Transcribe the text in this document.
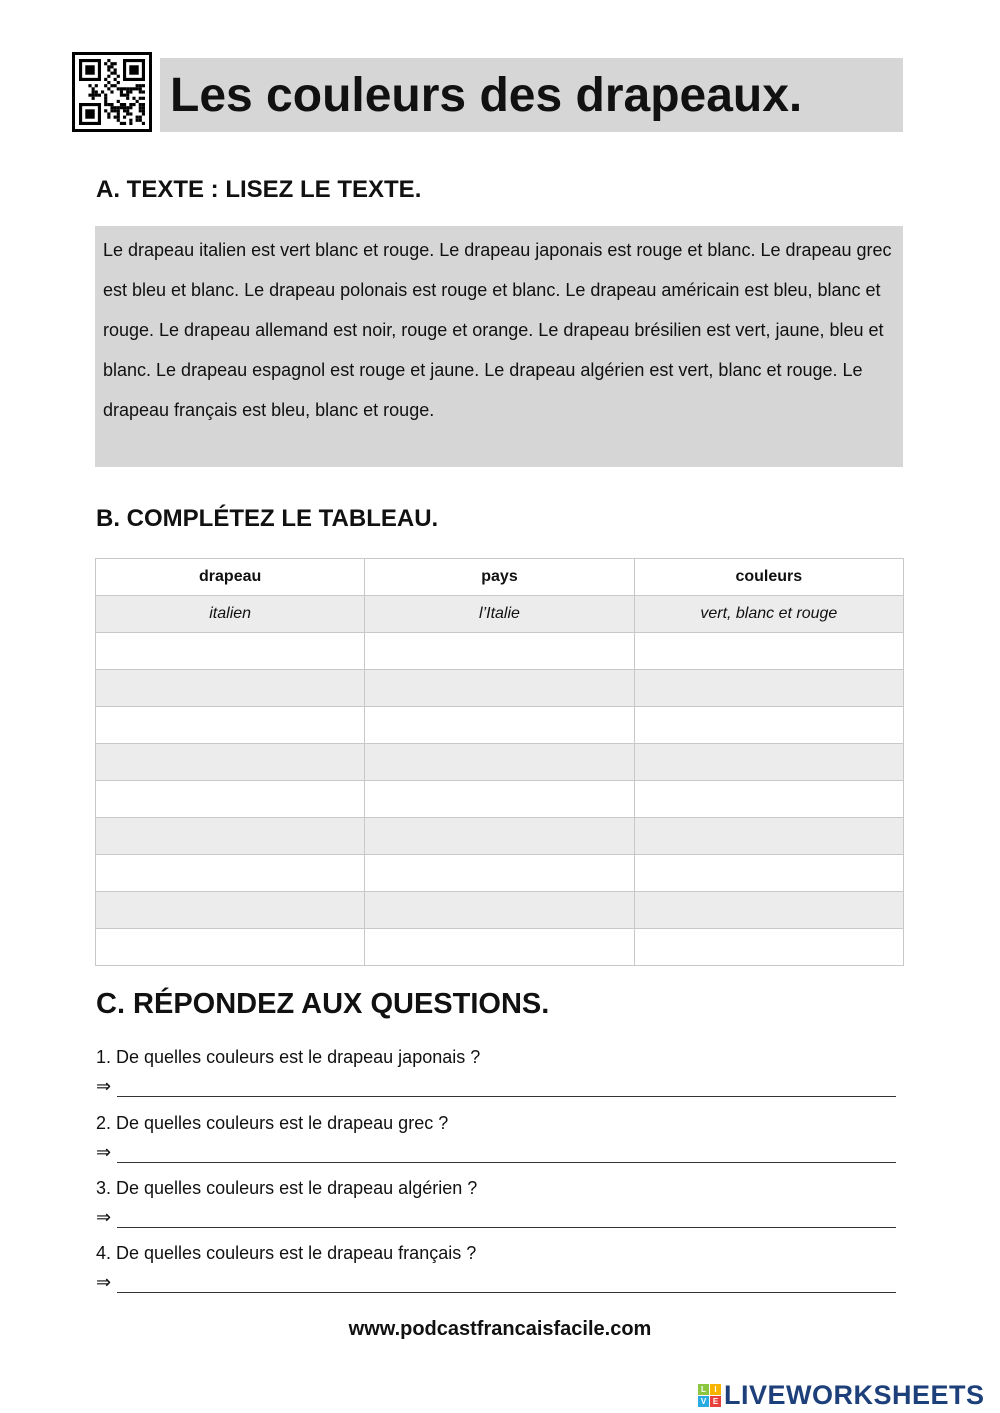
Les couleurs des drapeaux.
A. TEXTE : LISEZ LE TEXTE.
Le drapeau italien est vert blanc et rouge. Le drapeau japonais est rouge et blanc. Le drapeau grec est bleu et blanc. Le drapeau polonais est rouge et blanc. Le drapeau américain est bleu, blanc et rouge. Le drapeau allemand est noir, rouge et orange. Le drapeau brésilien est vert, jaune, bleu et blanc. Le drapeau espagnol est rouge et jaune. Le drapeau algérien est vert, blanc et rouge. Le drapeau français est bleu, blanc et rouge.
B. COMPLÉTEZ LE TABLEAU.
drapeau	pays	couleurs
italien	l’Italie	vert, blanc et rouge

C. RÉPONDEZ AUX QUESTIONS.
1. De quelles couleurs est le drapeau japonais ?
⇒
2. De quelles couleurs est le drapeau grec ?
⇒
3. De quelles couleurs est le drapeau algérien ?
⇒
4. De quelles couleurs est le drapeau français ?
⇒
www.podcastfrancaisfacile.com
L	I
V E LIVEWORKSHEETS
